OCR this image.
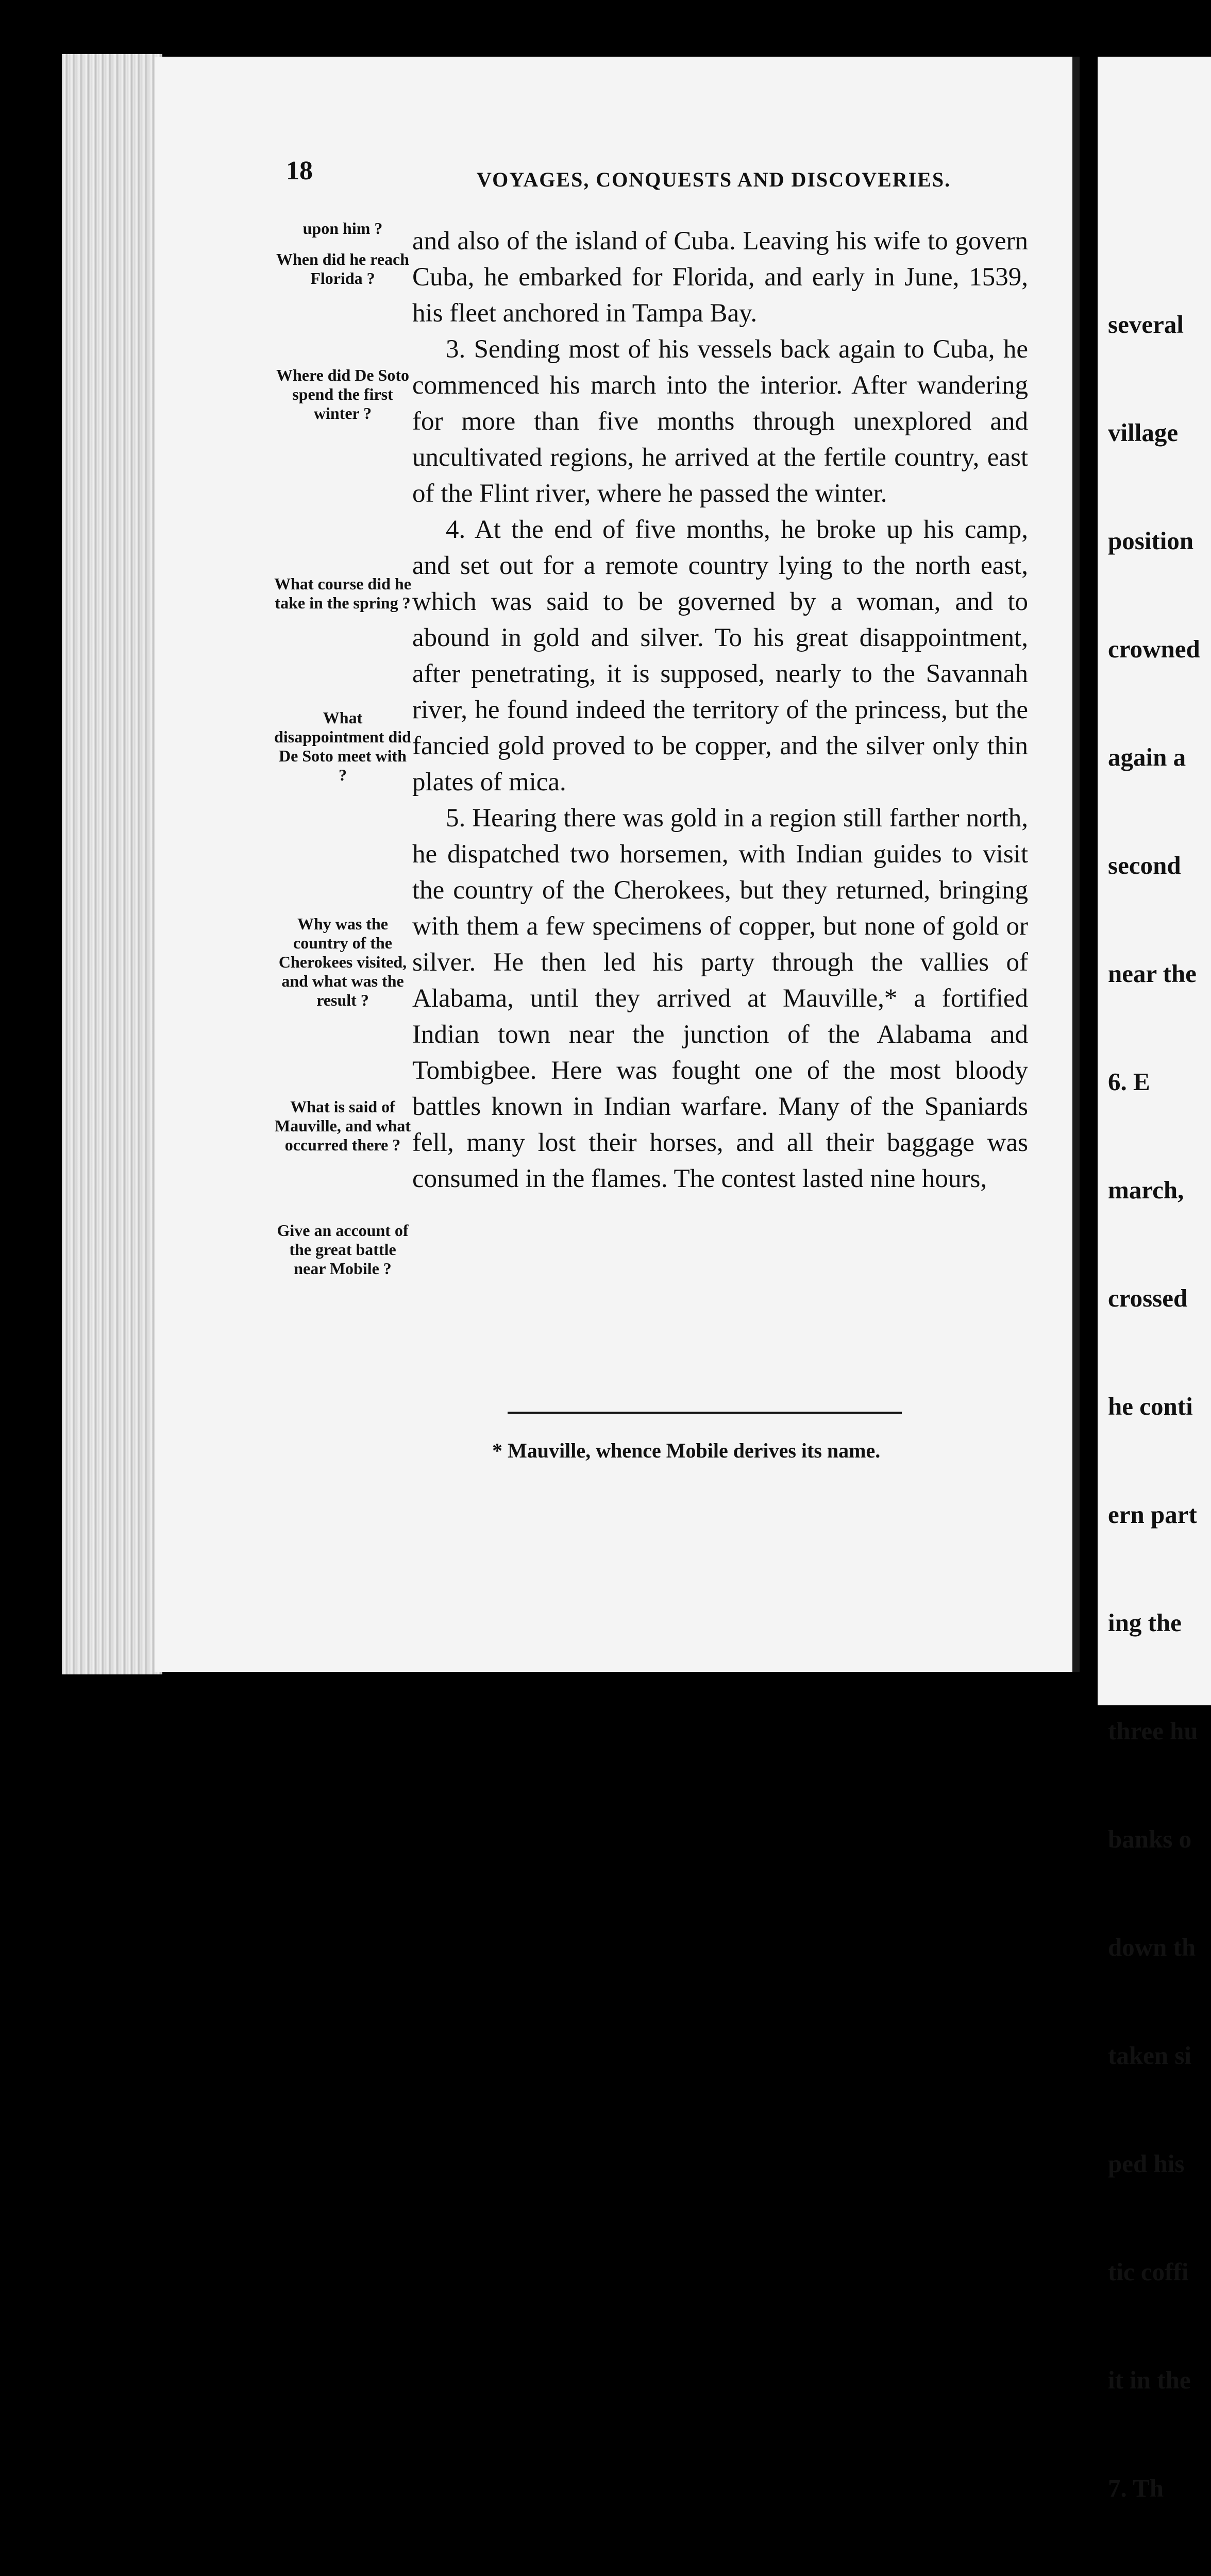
18	VOYAGES, CONQUESTS AND DISCOVERIES.
upon him ?
When did he reach Florida ?
Where did De Soto spend the first winter ?
What course did he take in the spring ?
What disappointment did De Soto meet with ?
Why was the country of the Cherokees visited, and what was the result ?
What is said of Mauville, and what occurred there ?
Give an account of the great battle near Mobile ?

and also of the island of Cuba. Leaving his wife to govern Cuba, he embarked for Florida, and early in June, 1539, his fleet anchored in Tampa Bay.

3. Sending most of his vessels back again to Cuba, he commenced his march into the interior. After wandering for more than five months through unexplored and uncultivated regions, he arrived at the fertile country, east of the Flint river, where he passed the winter.

4. At the end of five months, he broke up his camp, and set out for a remote country lying to the north east, which was said to be governed by a woman, and to abound in gold and silver. To his great disappointment, after penetrating, it is supposed, nearly to the Savannah river, he found indeed the territory of the princess, but the fancied gold proved to be copper, and the silver only thin plates of mica.

5. Hearing there was gold in a region still farther north, he dispatched two horsemen, with Indian guides to visit the country of the Cherokees, but they returned, bringing with them a few specimens of copper, but none of gold or silver. He then led his party through the vallies of Alabama, until they arrived at Mauville,* a fortified Indian town near the junction of the Alabama and Tombigbee. Here was fought one of the most bloody battles known in Indian warfare. Many of the Spaniards fell, many lost their horses, and all their baggage was consumed in the flames. The contest lasted nine hours,

* Mauville, whence Mobile derives its name.

several

village

position

crowned

again a

second

near the

6. E

march,

crossed

he conti

ern part

ing the

three hu

banks o

down th

taken si

ped his

tic coffi

it in the

7. Th
